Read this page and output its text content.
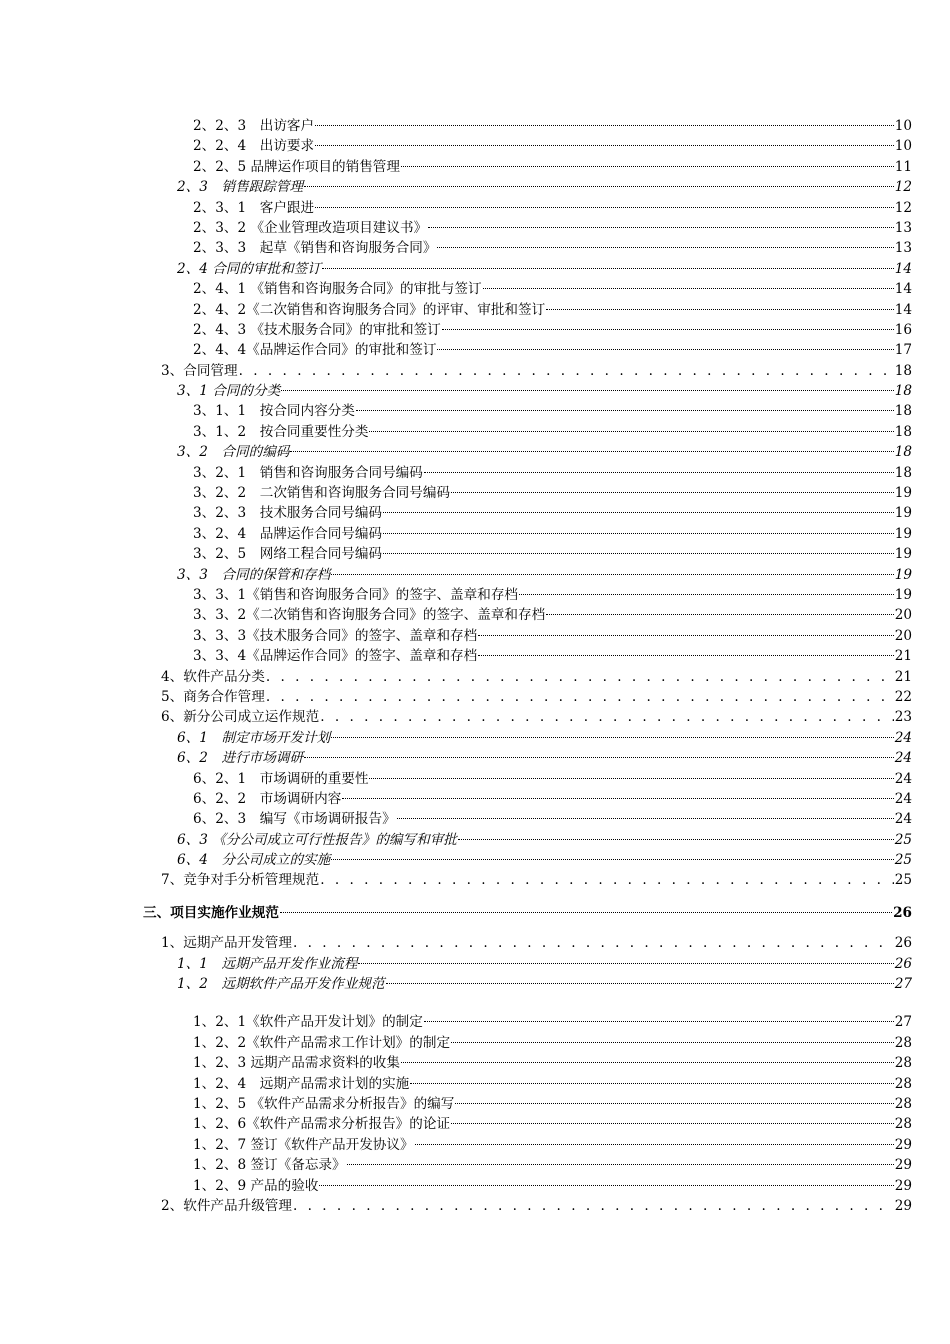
2、2、3　出访客户	10
2、2、4　出访要求	10
2、2、5 品牌运作项目的销售管理	11
2、3　销售跟踪管理	12
2、3、1　客户跟进	12
2、3、2 《企业管理改造项目建议书》	13
2、3、3　起草《销售和咨询服务合同》	13
2、4 合同的审批和签订	14
2、4、1 《销售和咨询服务合同》的审批与签订	14
2、4、2《二次销售和咨询服务合同》的评审、审批和签订	14
2、4、3 《技术服务合同》的审批和签订	16
2、4、4《品牌运作合同》的审批和签订	17
3、合同管理 . . .	18
3、1 合同的分类	18
3、1、1　按合同内容分类	18
3、1、2　按合同重要性分类	18
3、2　合同的编码	18
3、2、1　销售和咨询服务合同号编码	18
3、2、2　二次销售和咨询服务合同号编码	19
3、2、3　技术服务合同号编码	19
3、2、4　品牌运作合同号编码	19
3、2、5　网络工程合同号编码	19
3、3　合同的保管和存档	19
3、3、1《销售和咨询服务合同》的签字、盖章和存档	19
3、3、2《二次销售和咨询服务合同》的签字、盖章和存档	20
3、3、3《技术服务合同》的签字、盖章和存档	20
3、3、4《品牌运作合同》的签字、盖章和存档	21
4、软件产品分类 . . .	21
5、商务合作管理 . . .	22
6、新分公司成立运作规范 . . .	23
6、1　制定市场开发计划	24
6、2　进行市场调研	24
6、2、1　市场调研的重要性	24
6、2、2　市场调研内容	24
6、2、3　编写《市场调研报告》	24
6、3 《分公司成立可行性报告》的编写和审批	25
6、4　分公司成立的实施	25
7、竞争对手分析管理规范 . . .	25
三、项目实施作业规范	26
1、远期产品开发管理 . . .	26
1、1　远期产品开发作业流程	26
1、2　远期软件产品开发作业规范	27
1、2、1《软件产品开发计划》的制定	27
1、2、2《软件产品需求工作计划》的制定	28
1、2、3 远期产品需求资料的收集	28
1、2、4　远期产品需求计划的实施	28
1、2、5 《软件产品需求分析报告》的编写	28
1、2、6《软件产品需求分析报告》的论证	28
1、2、7 签订《软件产品开发协议》	29
1、2、8 签订《备忘录》	29
1、2、9 产品的验收	29
2、软件产品升级管理 . . .	29
